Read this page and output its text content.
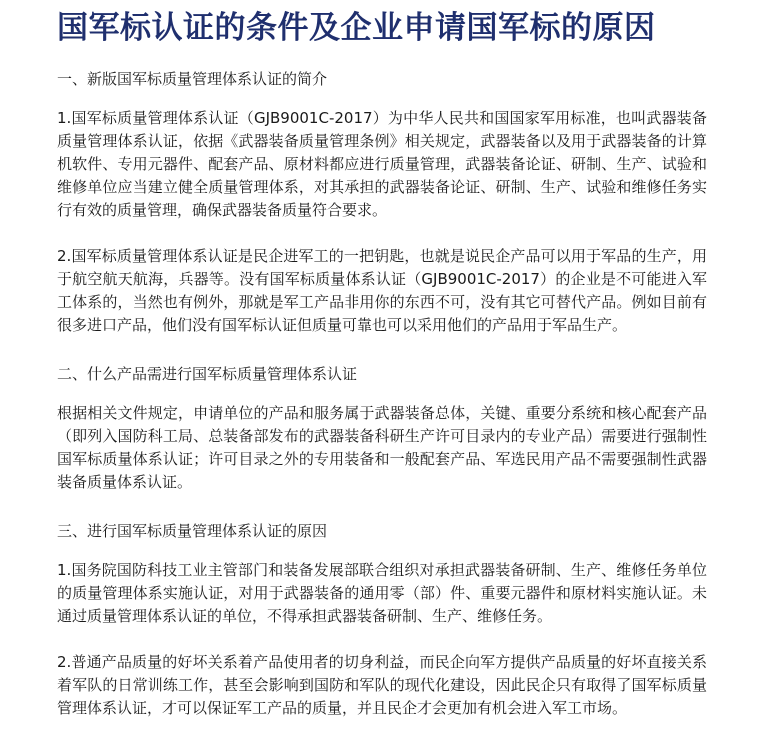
国军标认证的条件及企业申请国军标的原因
一、新版国军标质量管理体系认证的简介

1.国军标质量管理体系认证（GJB9001C-2017）为中华人民共和国国家军用标准，也叫武器装备质量管理体系认证，依据《武器装备质量管理条例》相关规定，武器装备以及用于武器装备的计算机软件、专用元器件、配套产品、原材料都应进行质量管理，武器装备论证、研制、生产、试验和维修单位应当建立健全质量管理体系，对其承担的武器装备论证、研制、生产、试验和维修任务实行有效的质量管理，确保武器装备质量符合要求。

2.国军标质量管理体系认证是民企进军工的一把钥匙，也就是说民企产品可以用于军品的生产，用于航空航天航海，兵器等。没有国军标质量体系认证（GJB9001C-2017）的企业是不可能进入军工体系的，当然也有例外，那就是军工产品非用你的东西不可，没有其它可替代产品。例如目前有很多进口产品，他们没有国军标认证但质量可靠也可以采用他们的产品用于军品生产。

二、什么产品需进行国军标质量管理体系认证

根据相关文件规定，申请单位的产品和服务属于武器装备总体，关键、重要分系统和核心配套产品（即列入国防科工局、总装备部发布的武器装备科研生产许可目录内的专业产品）需要进行强制性国军标质量体系认证；许可目录之外的专用装备和一般配套产品、军选民用产品不需要强制性武器装备质量体系认证。

三、进行国军标质量管理体系认证的原因

1.国务院国防科技工业主管部门和装备发展部联合组织对承担武器装备研制、生产、维修任务单位的质量管理体系实施认证，对用于武器装备的通用零（部）件、重要元器件和原材料实施认证。未通过质量管理体系认证的单位，不得承担武器装备研制、生产、维修任务。

2.普通产品质量的好坏关系着产品使用者的切身利益，而民企向军方提供产品质量的好坏直接关系着军队的日常训练工作，甚至会影响到国防和军队的现代化建设，因此民企只有取得了国军标质量管理体系认证，才可以保证军工产品的质量，并且民企才会更加有机会进入军工市场。
